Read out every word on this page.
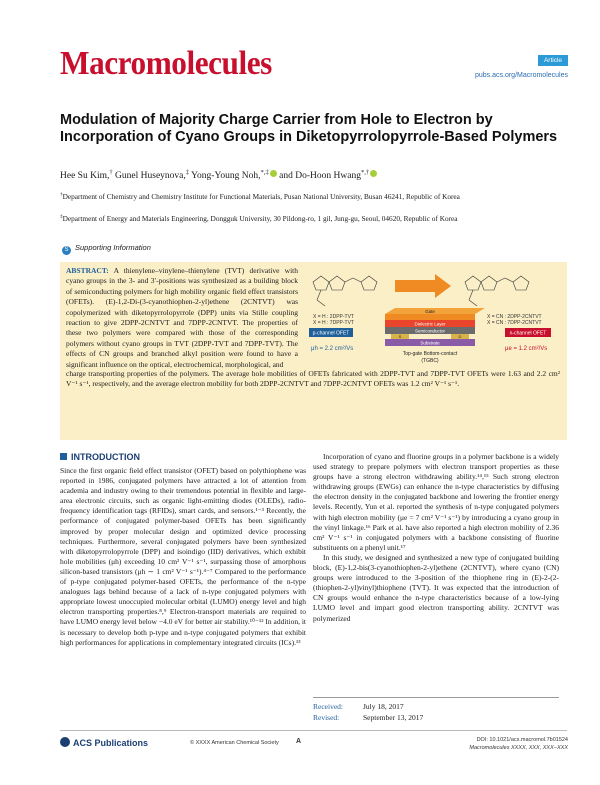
Macromolecules	Article
pubs.acs.org/Macromolecules
Modulation of Majority Charge Carrier from Hole to Electron by Incorporation of Cyano Groups in Diketopyrrolopyrrole-Based Polymers
Hee Su Kim,† Gunel Huseynova,‡ Yong-Young Noh,*,‡ and Do-Hoon Hwang*,†
†Department of Chemistry and Chemistry Institute for Functional Materials, Pusan National University, Busan 46241, Republic of Korea
‡Department of Energy and Materials Engineering, Dongguk University, 30 Pildong-ro, 1 gil, Jung-gu, Seoul, 04620, Republic of Korea
S Supporting Information
ABSTRACT: A thienylene–vinylene–thienylene (TVT) derivative with cyano groups in the 3- and 3′-positions was synthesized as a building block of semiconducting polymers for high mobility organic field effect transistors (OFETs). (E)-1,2-Di-(3-cyanothiophen-2-yl)ethene (2CNTVT) was copolymerized with diketopyrrolopyrrole (DPP) units via Stille coupling reaction to give 2DPP-2CNTVT and 7DPP-2CNTVT. The properties of these two polymers were compared with those of the corresponding polymers without cyano groups in TVT (2DPP-TVT and 7DPP-TVT). The effects of CN groups and branched alkyl position were found to have a significant influence on the optical, electrochemical, morphological, and
charge transporting properties of the polymers. The average hole mobilities of OFETs fabricated with 2DPP-TVT and 7DPP-TVT OFETs were 1.63 and 2.2 cm² V⁻¹ s⁻¹, respectively, and the average electron mobility for both 2DPP-2CNTVT and 7DPP-2CNTVT OFETs was 1.2 cm² V⁻¹ s⁻¹.
X = H : 2DPP-TVT
X = H : 7DPP-TVT
X = CN : 2DPP-2CNTVT
X = CN : 7DPP-2CNTVT
p-channel OFET	n-channel OFET
μh = 2.2 cm²/Vs	μe = 1.2 cm²/Vs
Gate
Dielectric Layer
Semiconductor
S	D
Substrate
Top-gate Bottom-contact
(TGBC)
INTRODUCTION
Since the first organic field effect transistor (OFET) based on polythiophene was reported in 1986, conjugated polymers have attracted a lot of attention from academia and industry owing to their tremendous potential in flexible and large-area electronic circuits, such as organic light-emitting diodes (OLEDs), radio-frequency identification tags (RFIDs), smart cards, and sensors.¹⁻³ Recently, the performance of conjugated polymer-based OFETs has been significantly improved by proper molecular design and optimized device processing techniques. Furthermore, several conjugated polymers have been synthesized with diketopyrrolopyrrole (DPP) and isoindigo (IID) derivatives, which exhibit hole mobilities (μh) exceeding 10 cm² V⁻¹ s⁻¹, surpassing those of amorphous silicon-based transistors (μh ∼ 1 cm² V⁻¹ s⁻¹).⁴⁻⁷ Compared to the performance of p-type conjugated polymer-based OFETs, the performance of the n-type analogues lags behind because of a lack of n-type conjugated polymers with appropriate lowest unoccupied molecular orbital (LUMO) energy level and high electron transporting properties.⁸,⁹ Electron-transport materials are required to have LUMO energy level below −4.0 eV for better air stability.¹⁰⁻¹² In addition, it is necessary to develop both p-type and n-type conjugated polymers that exhibit high performances for applications in complementary integrated circuits (ICs).¹³
Incorporation of cyano and fluorine groups in a polymer backbone is a widely used strategy to prepare polymers with electron transport properties as these groups have a strong electron withdrawing ability.¹⁴,¹⁵ Such strong electron withdrawing groups (EWGs) can enhance the n-type characteristics by diffusing the electron density in the conjugated backbone and lowering the frontier energy levels. Recently, Yun et al. reported the synthesis of n-type conjugated polymers with high electron mobility (μe = 7 cm² V⁻¹ s⁻¹) by introducing a cyano group in the vinyl linkage.¹⁶ Park et al. have also reported a high electron mobility of 2.36 cm² V⁻¹ s⁻¹ in conjugated polymers with a backbone consisting of fluorine substituents on a phenyl unit.¹⁷
In this study, we designed and synthesized a new type of conjugated building block, (E)-1,2-bis(3-cyanothiophen-2-yl)ethene (2CNTVT), where cyano (CN) groups were introduced to the 3-position of the thiophene ring in (E)-2-(2-(thiophen-2-yl)vinyl)thiophene (TVT). It was expected that the introduction of CN groups would enhance the n-type characteristics because of a low-lying LUMO level and impart good electron transporting ability. 2CNTVT was polymerized
Received:	July 18, 2017
Revised:	September 13, 2017
ACS Publications	© XXXX American Chemical Society A	DOI: 10.1021/acs.macromol.7b01524
Macromolecules XXXX, XXX, XXX−XXX
